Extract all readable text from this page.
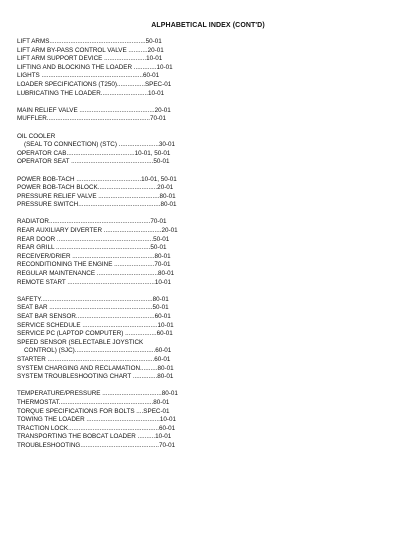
ALPHABETICAL INDEX (CONT'D)
LIFT ARMS.......................................................50-01
LIFT ARM BY-PASS CONTROL VALVE ...........20-01
LIFT ARM SUPPORT DEVICE ........................10-01
LIFTING AND BLOCKING THE LOADER .............10-01
LIGHTS ..........................................................60-01
LOADER SPECIFICATIONS (T250)................SPEC-01
LUBRICATING THE LOADER...........................10-01
MAIN RELIEF VALVE ...........................................20-01
MUFFLER...........................................................70-01
OIL COOLER
(SEAL TO CONNECTION) (STC) .......................30-01
OPERATOR CAB.......................................10-01, 50-01
OPERATOR SEAT ...............................................50-01
POWER BOB-TACH .....................................10-01, 50-01
POWER BOB-TACH BLOCK..................................20-01
PRESSURE RELIEF VALVE ...................................80-01
PRESSURE SWITCH...............................................80-01
RADIATOR..........................................................70-01
REAR AUXILIARY DIVERTER .................................20-01
REAR DOOR .......................................................50-01
REAR GRILL ......................................................50-01
RECEIVER/DRIER ...............................................80-01
RECONDITIONING THE ENGINE .......................70-01
REGULAR MAINTENANCE ...................................80-01
REMOTE START ..................................................10-01
SAFETY................................................................80-01
SEAT BAR ...........................................................50-01
SEAT BAR SENSOR.............................................60-01
SERVICE SCHEDULE ...........................................10-01
SERVICE PC (LAPTOP COMPUTER) ..................60-01
SPEED SENSOR (SELECTABLE JOYSTICK
CONTROL) (SJC)..............................................60-01
STARTER .............................................................60-01
SYSTEM CHARGING AND RECLAMATION..........80-01
SYSTEM TROUBLESHOOTING CHART ..............80-01
TEMPERATURE/PRESSURE ..................................80-01
THERMOSTAT......................................................80-01
TORQUE SPECIFICATIONS FOR BOLTS ....SPEC-01
TOWING THE LOADER ..........................................10-01
TRACTION LOCK....................................................60-01
TRANSPORTING THE BOBCAT LOADER ..........10-01
TROUBLESHOOTING.............................................70-01
